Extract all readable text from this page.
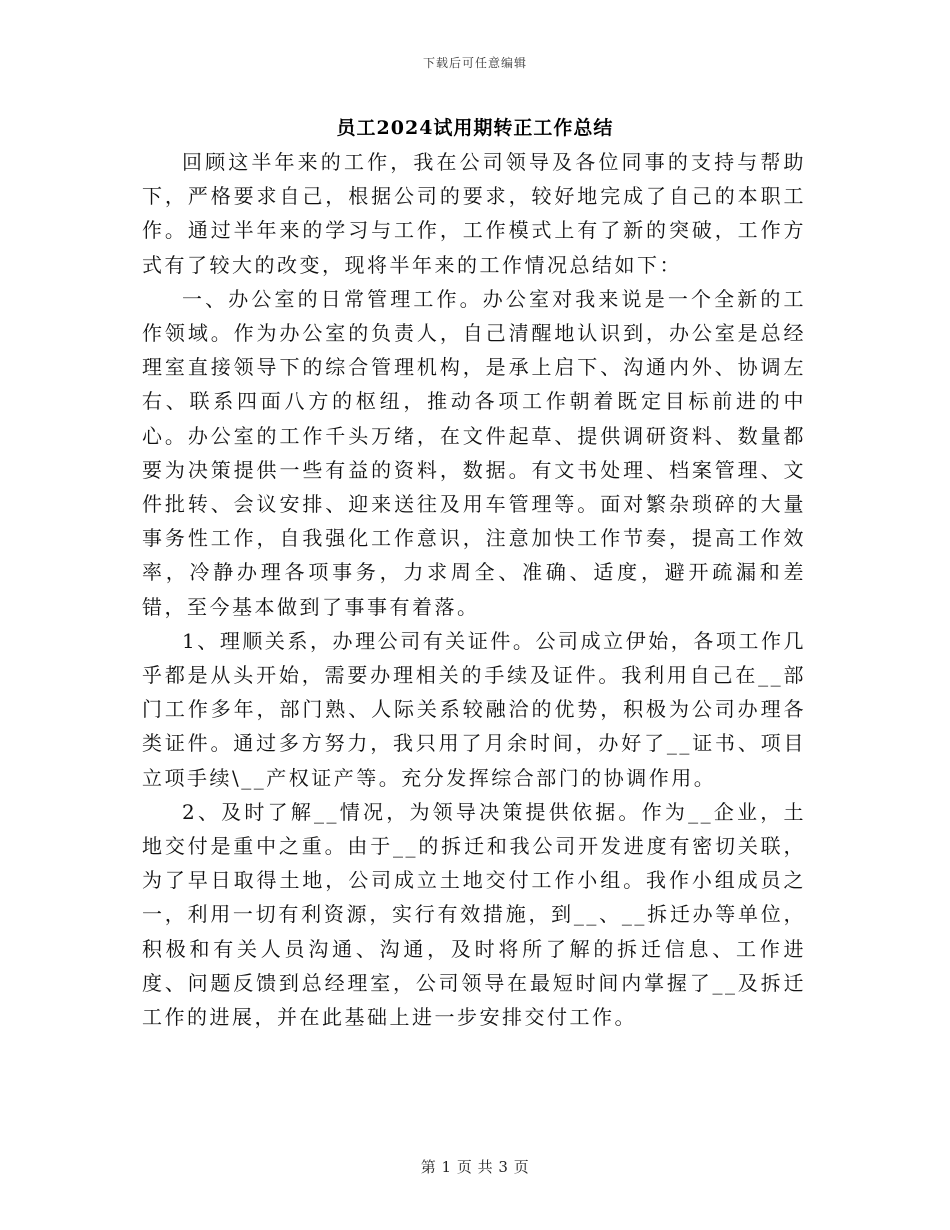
下载后可任意编辑
员工2024试用期转正工作总结

回顾这半年来的工作，我在公司领导及各位同事的支持与帮助下，严格要求自己，根据公司的要求，较好地完成了自己的本职工作。通过半年来的学习与工作，工作模式上有了新的突破，工作方式有了较大的改变，现将半年来的工作情况总结如下：

一、办公室的日常管理工作。办公室对我来说是一个全新的工作领域。作为办公室的负责人，自己清醒地认识到，办公室是总经理室直接领导下的综合管理机构，是承上启下、沟通内外、协调左右、联系四面八方的枢纽，推动各项工作朝着既定目标前进的中心。办公室的工作千头万绪，在文件起草、提供调研资料、数量都要为决策提供一些有益的资料，数据。有文书处理、档案管理、文件批转、会议安排、迎来送往及用车管理等。面对繁杂琐碎的大量事务性工作，自我强化工作意识，注意加快工作节奏，提高工作效率，冷静办理各项事务，力求周全、准确、适度，避开疏漏和差错，至今基本做到了事事有着落。

1、理顺关系，办理公司有关证件。公司成立伊始，各项工作几乎都是从头开始，需要办理相关的手续及证件。我利用自己在__部门工作多年，部门熟、人际关系较融洽的优势，积极为公司办理各类证件。通过多方努力，我只用了月余时间，办好了__证书、项目立项手续\__产权证产等。充分发挥综合部门的协调作用。

2、及时了解__情况，为领导决策提供依据。作为__企业，土地交付是重中之重。由于__的拆迁和我公司开发进度有密切关联，为了早日取得土地，公司成立土地交付工作小组。我作小组成员之一，利用一切有利资源，实行有效措施，到__、__拆迁办等单位，积极和有关人员沟通、沟通，及时将所了解的拆迁信息、工作进度、问题反馈到总经理室，公司领导在最短时间内掌握了__及拆迁工作的进展，并在此基础上进一步安排交付工作。

第 1 页 共 3 页
